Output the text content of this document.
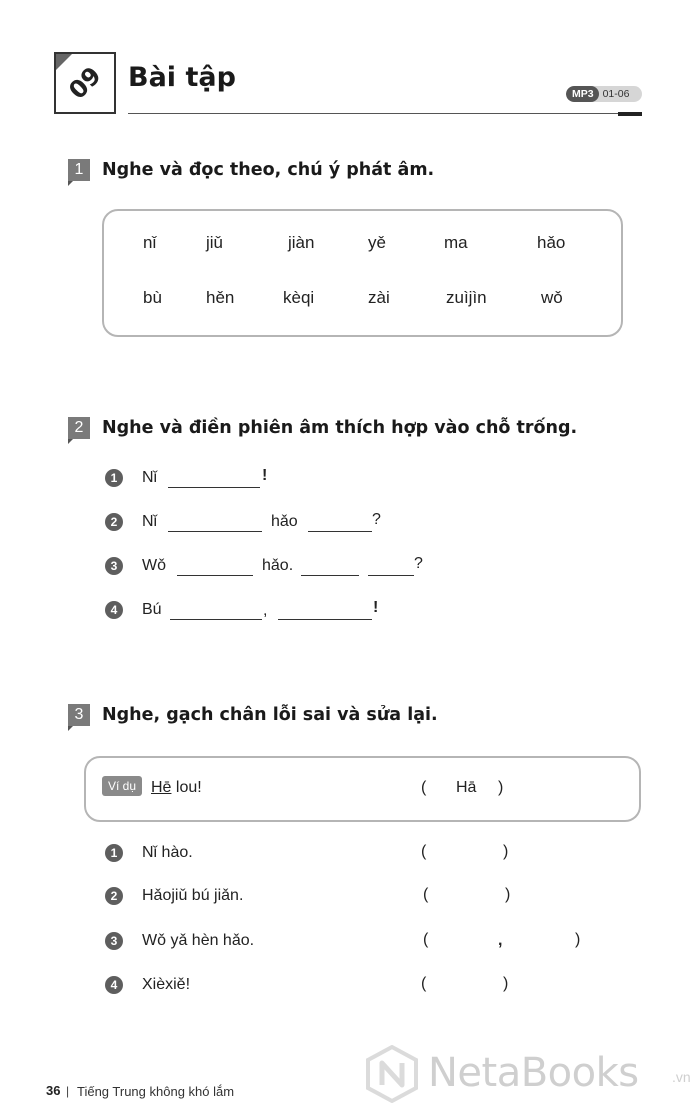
09 Bài tập
MP3 01-06
1	Nghe và đọc theo, chú ý phát âm.
nǐ	jiǔ	jiàn	yě	ma	hǎo
bù	hěn	kèqi	zài	zuìjìn	wǒ
2	Nghe và điền phiên âm thích hợp vào chỗ trống.
1	Nǐ	!
2	Nǐ	hǎo	?
3	Wǒ	hǎo.	?
4	Bú	,	!
3	Nghe, gạch chân lỗi sai và sửa lại.
Ví dụ Hē lou!	( Hā )
1	Nǐ hào.	(	)
2	Hǎojiǔ bú jiǎn.	(	)
3	Wǒ yǎ hèn hǎo.	(	,	)
4	Xièxiě!	(	)
36 | Tiếng Trung không khó lắm	NetaBooks .vn
